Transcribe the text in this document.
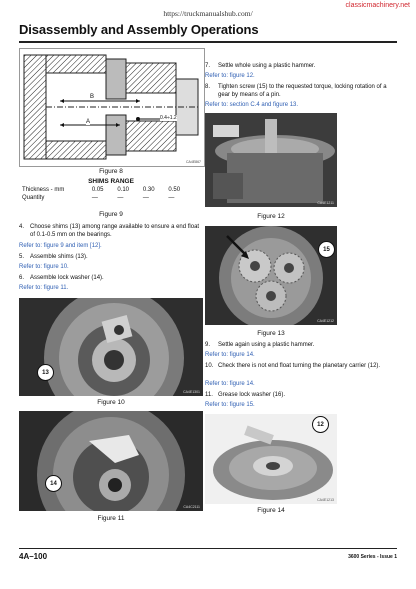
classicmachinery.net
https://truckmanualshub.com/
Disassembly and Assembly Operations
B
A
0.4÷1.2
CA4E867
Figure 8
SHIMS RANGE
Thickness - mm	0.05	0.10	0.30	0.50
Quantity	—	—	—	—
Figure 9
4. Choose shims (13) among range available to ensure a end float of 0.1-0.5 mm on the bearings.
Refer to: figure 9 and item [12].
5. Assemble shims (13).
Refer to: figure 10.
6. Assemble lock washer (14).
Refer to: figure 11.
13
CA4E1301
Figure 10
14
CA4C2111
Figure 11
7. Settle whole using a plastic hammer.
Refer to: figure 12.
8. Tighten screw (15) to the requested torque, locking rotation of a gear by means of a pin.
Refer to: section C.4 and figure 13.
CA4E1211
Figure 12
CA4E1212
15
Figure 13
9. Settle again using a plastic hammer.
Refer to: figure 14.
10. Check there is not end float turning the planetary carrier (12).
Refer to: figure 14.
11. Grease lock washer (16).
Refer to: figure 15.
CA4E1213
12
Figure 14
4A–100	3600 Series - Issue 1
